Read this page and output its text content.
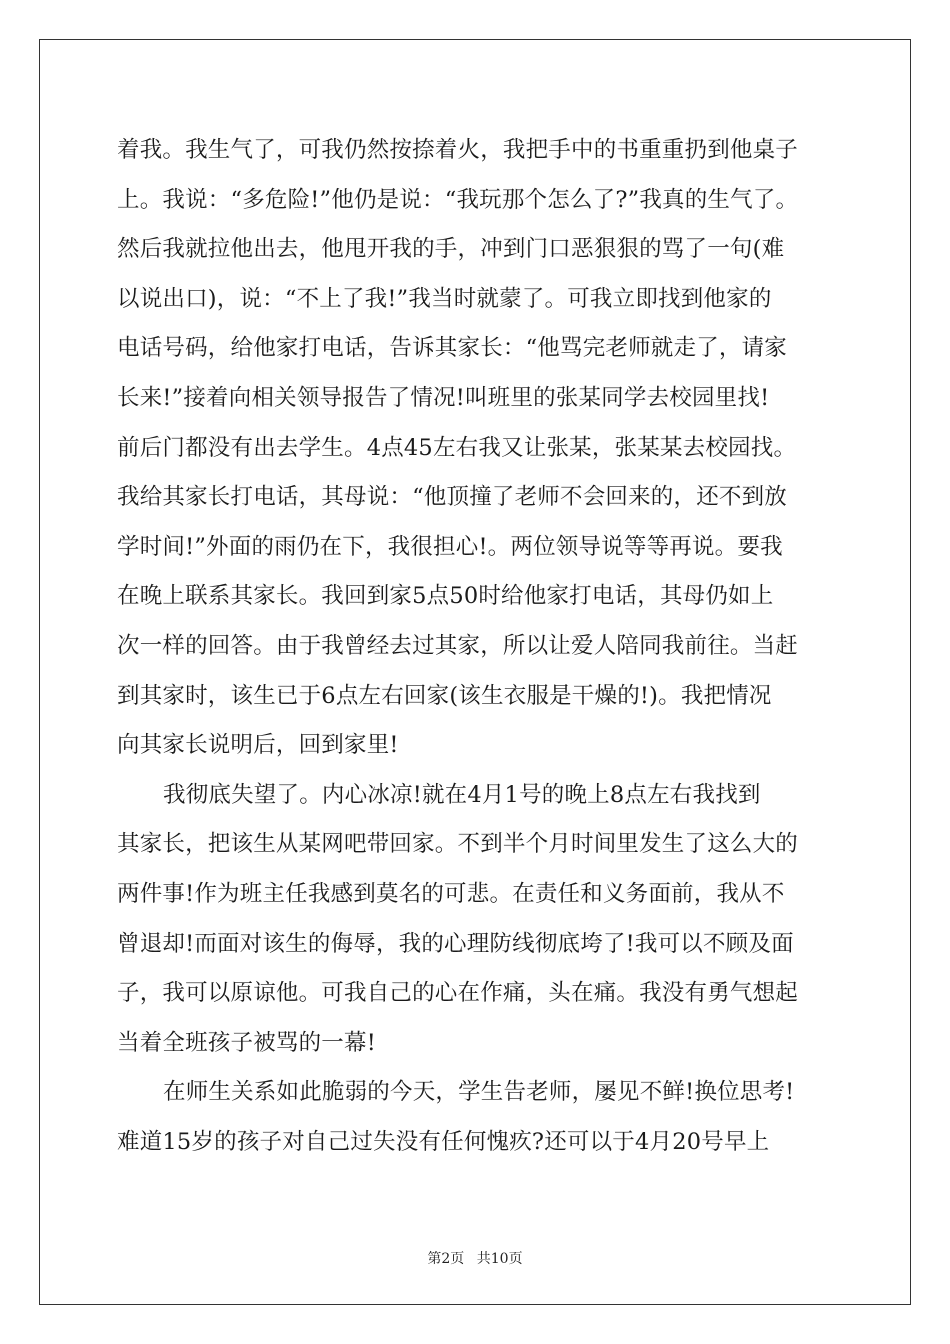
着我。我生气了，可我仍然按捺着火，我把手中的书重重扔到他桌子
上。我说：“多危险!”他仍是说：“我玩那个怎么了?”我真的生气了。
然后我就拉他出去，他甩开我的手，冲到门口恶狠狠的骂了一句(难
以说出口)，说：“不上了我!”我当时就蒙了。可我立即找到他家的
电话号码，给他家打电话，告诉其家长：“他骂完老师就走了，请家
长来!”接着向相关领导报告了情况!叫班里的张某同学去校园里找!
前后门都没有出去学生。4点45左右我又让张某，张某某去校园找。
我给其家长打电话，其母说：“他顶撞了老师不会回来的，还不到放
学时间!”外面的雨仍在下，我很担心!。两位领导说等等再说。要我
在晚上联系其家长。我回到家5点50时给他家打电话，其母仍如上
次一样的回答。由于我曾经去过其家，所以让爱人陪同我前往。当赶
到其家时，该生已于6点左右回家(该生衣服是干燥的!)。我把情况
向其家长说明后，回到家里!
我彻底失望了。内心冰凉!就在4月1号的晚上8点左右我找到
其家长，把该生从某网吧带回家。不到半个月时间里发生了这么大的
两件事!作为班主任我感到莫名的可悲。在责任和义务面前，我从不
曾退却!而面对该生的侮辱，我的心理防线彻底垮了!我可以不顾及面
子，我可以原谅他。可我自己的心在作痛，头在痛。我没有勇气想起
当着全班孩子被骂的一幕!
在师生关系如此脆弱的今天，学生告老师，屡见不鲜!换位思考!
难道15岁的孩子对自己过失没有任何愧疚?还可以于4月20号早上
第2页 共10页
